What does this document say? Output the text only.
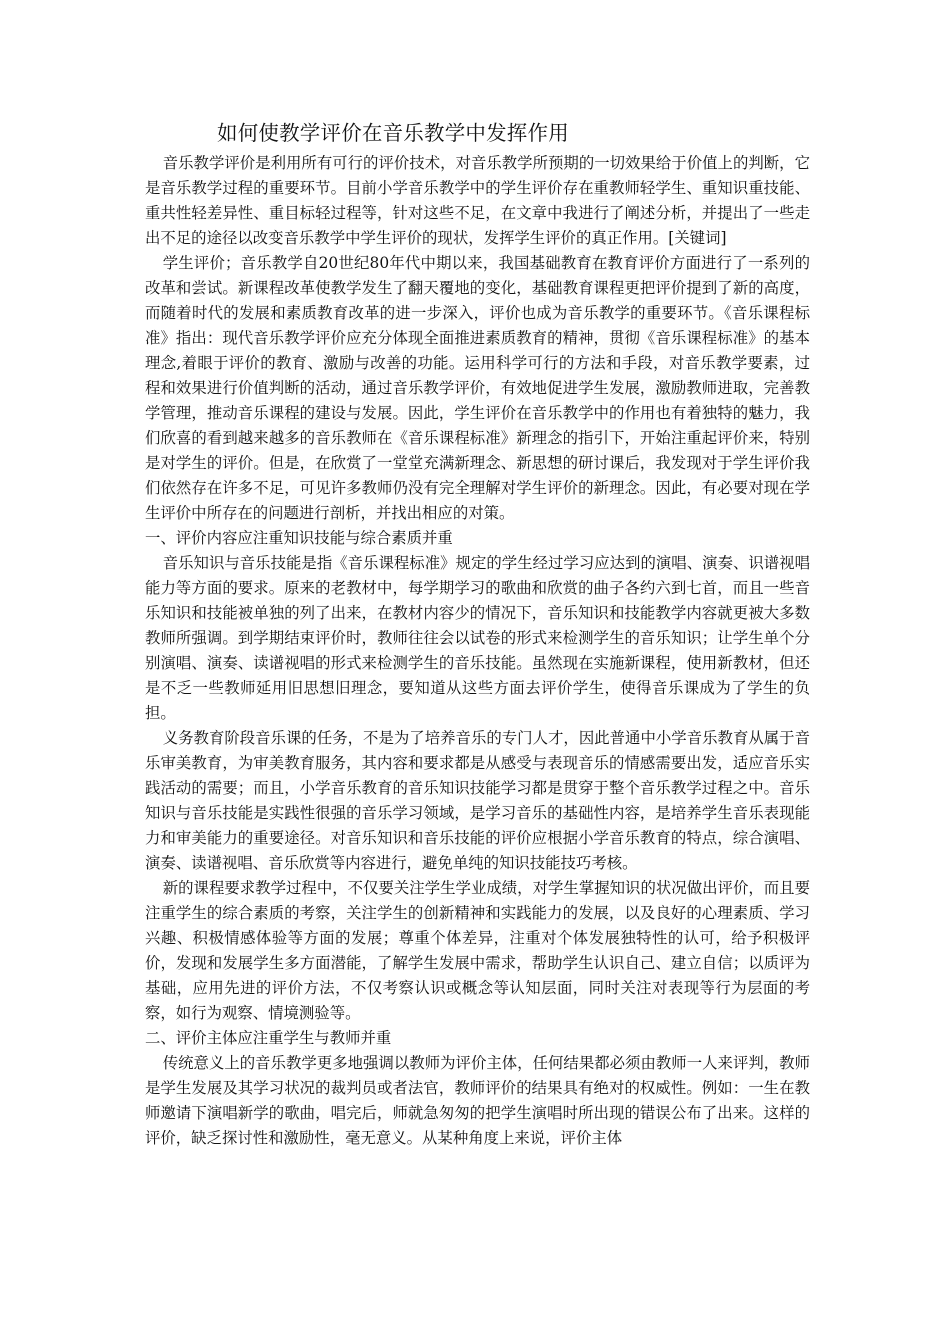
如何使教学评价在音乐教学中发挥作用

音乐教学评价是利用所有可行的评价技术，对音乐教学所预期的一切效果给于价值上的判断，它是音乐教学过程的重要环节。目前小学音乐教学中的学生评价存在重教师轻学生、重知识重技能、重共性轻差异性、重目标轻过程等，针对这些不足，在文章中我进行了阐述分析，并提出了一些走出不足的途径以改变音乐教学中学生评价的现状，发挥学生评价的真正作用。[关键词]

学生评价；音乐教学自20世纪80年代中期以来，我国基础教育在教育评价方面进行了一系列的改革和尝试。新课程改革使教学发生了翻天覆地的变化，基础教育课程更把评价提到了新的高度，而随着时代的发展和素质教育改革的进一步深入，评价也成为音乐教学的重要环节。《音乐课程标准》指出：现代音乐教学评价应充分体现全面推进素质教育的精神，贯彻《音乐课程标准》的基本理念,着眼于评价的教育、激励与改善的功能。运用科学可行的方法和手段，对音乐教学要素，过程和效果进行价值判断的活动，通过音乐教学评价，有效地促进学生发展，激励教师进取，完善教学管理，推动音乐课程的建设与发展。因此，学生评价在音乐教学中的作用也有着独特的魅力，我们欣喜的看到越来越多的音乐教师在《音乐课程标准》新理念的指引下，开始注重起评价来，特别是对学生的评价。但是，在欣赏了一堂堂充满新理念、新思想的研讨课后，我发现对于学生评价我们依然存在许多不足，可见许多教师仍没有完全理解对学生评价的新理念。因此，有必要对现在学生评价中所存在的问题进行剖析，并找出相应的对策。

一、评价内容应注重知识技能与综合素质并重

音乐知识与音乐技能是指《音乐课程标准》规定的学生经过学习应达到的演唱、演奏、识谱视唱能力等方面的要求。原来的老教材中，每学期学习的歌曲和欣赏的曲子各约六到七首，而且一些音乐知识和技能被单独的列了出来，在教材内容少的情况下，音乐知识和技能教学内容就更被大多数教师所强调。到学期结束评价时，教师往往会以试卷的形式来检测学生的音乐知识；让学生单个分别演唱、演奏、读谱视唱的形式来检测学生的音乐技能。虽然现在实施新课程，使用新教材，但还是不乏一些教师延用旧思想旧理念，要知道从这些方面去评价学生，使得音乐课成为了学生的负担。

义务教育阶段音乐课的任务，不是为了培养音乐的专门人才，因此普通中小学音乐教育从属于音乐审美教育，为审美教育服务，其内容和要求都是从感受与表现音乐的情感需要出发，适应音乐实践活动的需要；而且，小学音乐教育的音乐知识技能学习都是贯穿于整个音乐教学过程之中。音乐知识与音乐技能是实践性很强的音乐学习领域，是学习音乐的基础性内容，是培养学生音乐表现能力和审美能力的重要途径。对音乐知识和音乐技能的评价应根据小学音乐教育的特点，综合演唱、演奏、读谱视唱、音乐欣赏等内容进行，避免单纯的知识技能技巧考核。

新的课程要求教学过程中，不仅要关注学生学业成绩，对学生掌握知识的状况做出评价，而且要注重学生的综合素质的考察，关注学生的创新精神和实践能力的发展，以及良好的心理素质、学习兴趣、积极情感体验等方面的发展；尊重个体差异，注重对个体发展独特性的认可，给予积极评价，发现和发展学生多方面潜能，了解学生发展中需求，帮助学生认识自己、建立自信；以质评为基础，应用先进的评价方法，不仅考察认识或概念等认知层面，同时关注对表现等行为层面的考察，如行为观察、情境测验等。

二、评价主体应注重学生与教师并重

传统意义上的音乐教学更多地强调以教师为评价主体，任何结果都必须由教师一人来评判，教师是学生发展及其学习状况的裁判员或者法官，教师评价的结果具有绝对的权威性。例如：一生在教师邀请下演唱新学的歌曲，唱完后，师就急匆匆的把学生演唱时所出现的错误公布了出来。这样的评价，缺乏探讨性和激励性，毫无意义。从某种角度上来说，评价主体
